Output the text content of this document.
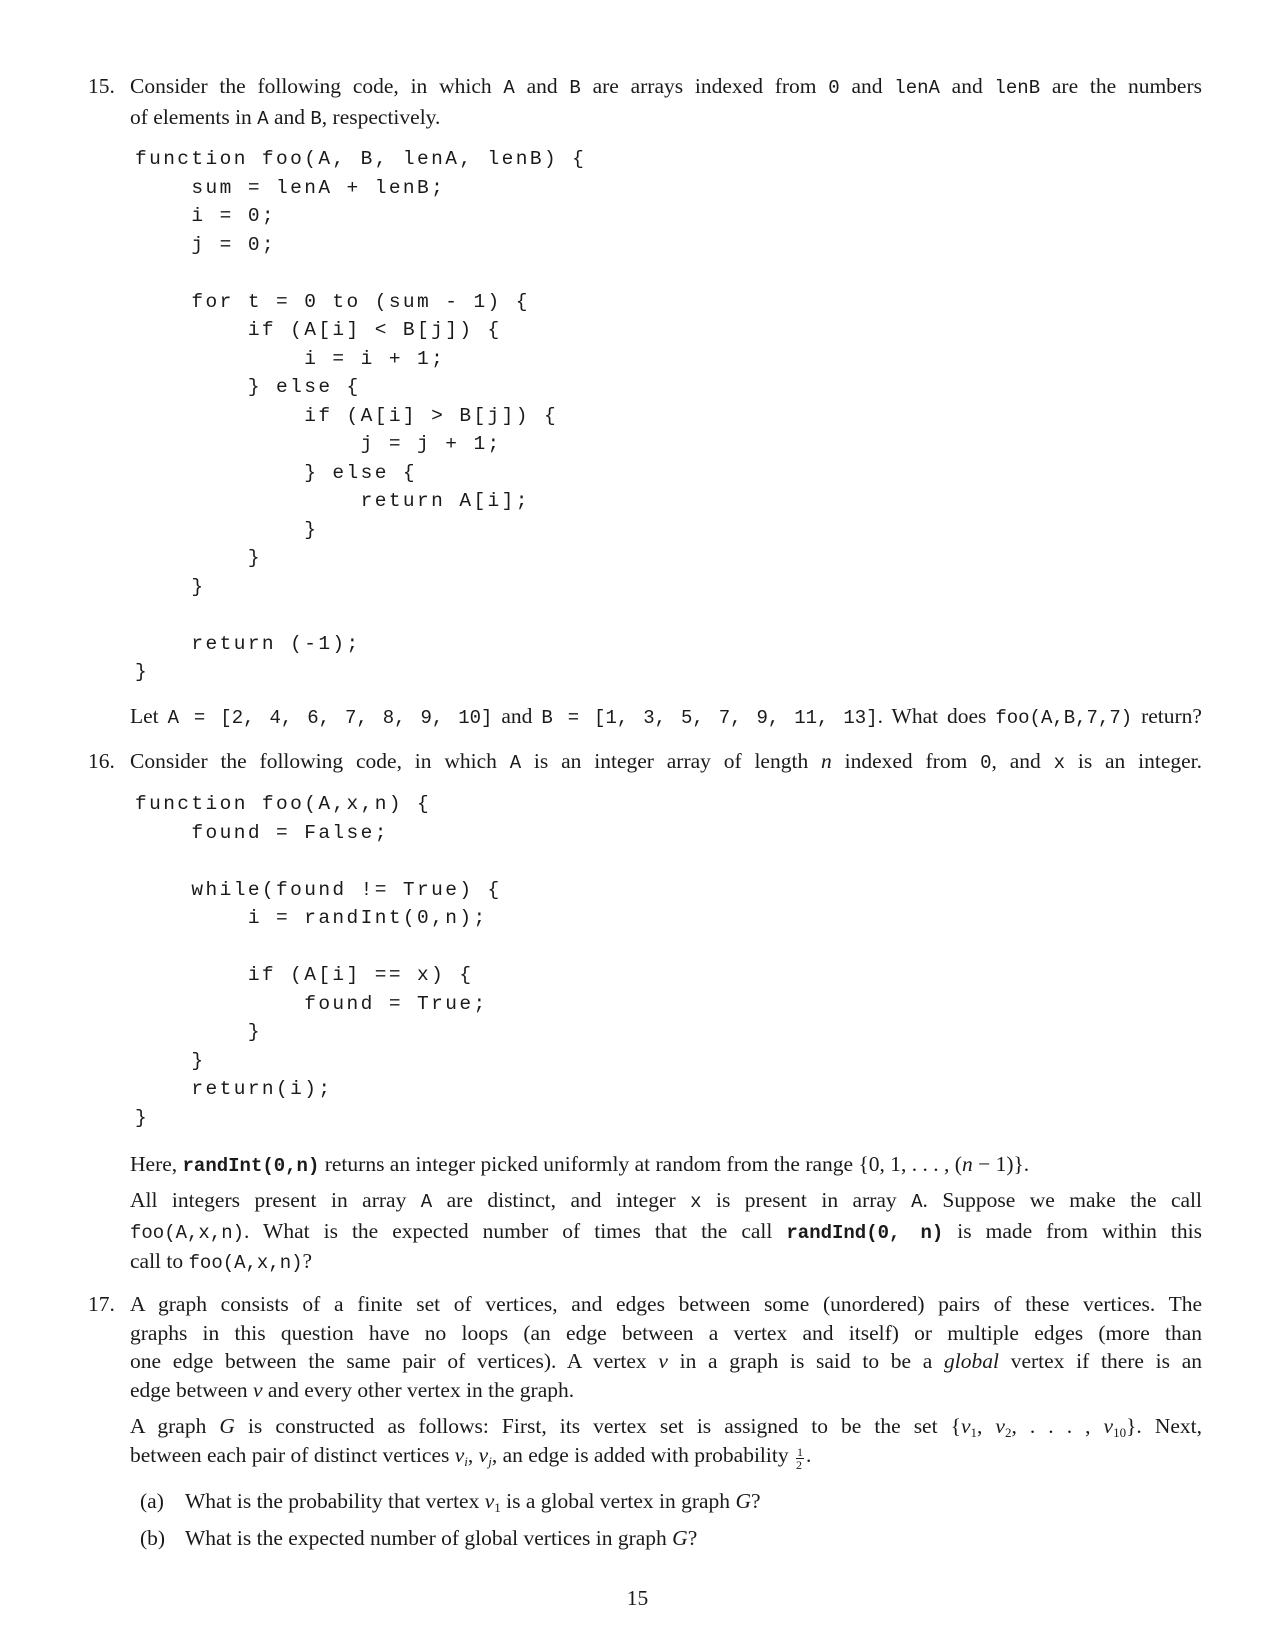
15. Consider the following code, in which A and B are arrays indexed from 0 and lenA and lenB are the numbers
of elements in A and B, respectively.
function foo(A, B, lenA, lenB) {
sum = lenA + lenB;
i = 0;
j = 0;
for t = 0 to (sum - 1) {
if (A[i] < B[j]) {
i = i + 1;
} else {
if (A[i] > B[j]) {
j = j + 1;
} else {
return A[i];
}
}
}
return (-1);
}
Let A = [2, 4, 6, 7, 8, 9, 10] and B = [1, 3, 5, 7, 9, 11, 13]. What does foo(A,B,7,7) return?
16. Consider the following code, in which A is an integer array of length n indexed from 0, and x is an integer.
function foo(A,x,n) {
found = False;
while(found != True) {
i = randInt(0,n);
if (A[i] == x) {
found = True;
}
}
return(i);
}
Here, randInt(0,n) returns an integer picked uniformly at random from the range {0, 1, . . . , (n − 1)}.
All integers present in array A are distinct, and integer x is present in array A. Suppose we make the call
foo(A,x,n). What is the expected number of times that the call randInd(0, n) is made from within this
call to foo(A,x,n)?
17. A graph consists of a finite set of vertices, and edges between some (unordered) pairs of these vertices. The
graphs in this question have no loops (an edge between a vertex and itself) or multiple edges (more than
one edge between the same pair of vertices). A vertex v in a graph is said to be a global vertex if there is an
edge between v and every other vertex in the graph.
A graph G is constructed as follows: First, its vertex set is assigned to be the set {$v_1$, $v_2$, . . . , $v_{10}$}. Next,
between each pair of distinct vertices $v_i$, $v_j$, an edge is added with probability $\frac{1}{2}$ .
(a) What is the probability that vertex $v_1$ is a global vertex in graph G?
(b) What is the expected number of global vertices in graph G?
15
